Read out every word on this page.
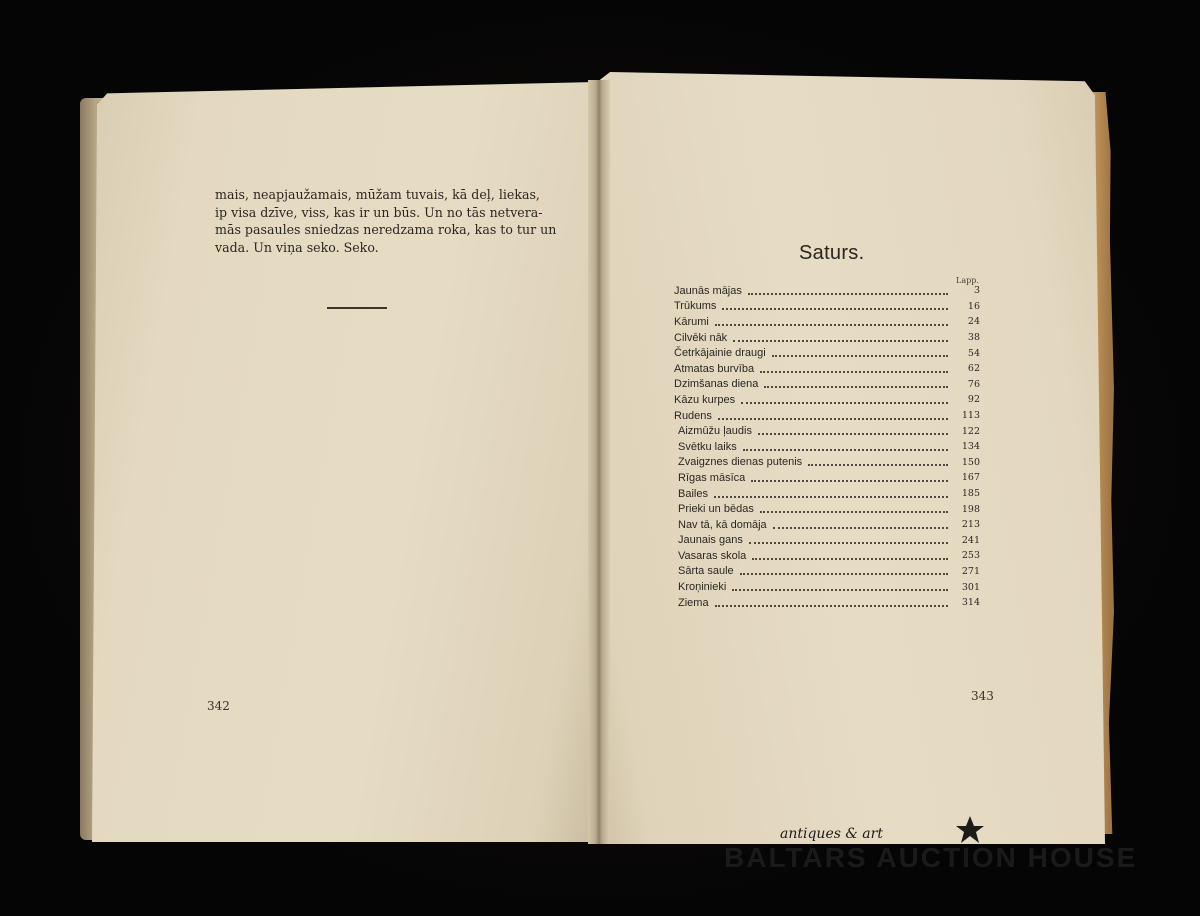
mais, neapjaužamais, mūžam tuvais, kā deļ, liekas,
ip visa dzīve, viss, kas ir un būs. Un no tās netvera-
mās pasaules sniedzas neredzama roka, kas to tur un
vada. Un viņa seko. Seko.
342
Saturs.
Lapp.
Jaunās mājas	3
Trūkums	16
Kārumi	24
Cilvēki nāk	38
Četrkājainie draugi	54
Atmatas burvība	62
Dzimšanas diena	76
Kāzu kurpes	92
Rudens	113
Aizmūžu ļaudis	122
Svētku laiks	134
Zvaigznes dienas putenis	150
Rīgas māsīca	167
Bailes	185
Prieki un bēdas	198
Nav tā, kā domāja	213
Jaunais gans	241
Vasaras skola	253
Sārta saule	271
Kroņinieki	301
Ziema	314
343
antiques & art
BALTARS AUCTION HOUSE
